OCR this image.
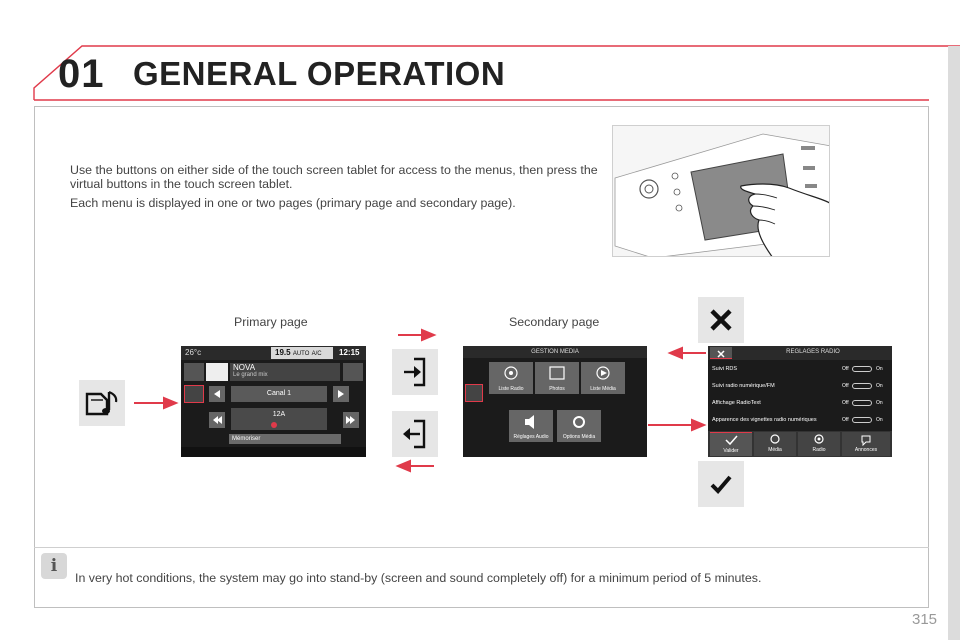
01 GENERAL OPERATION

Use the buttons on either side of the touch screen tablet for access to the menus, then press the virtual buttons in the touch screen tablet.

Each menu is displayed in one or two pages (primary page and secondary page).

Primary page	Secondary page
26°c	19.5 AUTO A/C	12:15
NOVA
Le grand mix
Canal 1
12A
Mémoriser
GESTION MEDIA
Liste Radio	Photos	Liste Média
Réglages Audio	Options Média
REGLAGES RADIO
Suivi RDS	Off	On
Suivi radio numérique/FM	Off	On
Affichage RadioText	Off	On
Apparence des vignettes radio numériques	Off	On
Valider	Média	Radio	Annonces
i
In very hot conditions, the system may go into stand-by (screen and sound completely off) for a minimum period of 5 minutes.
315
